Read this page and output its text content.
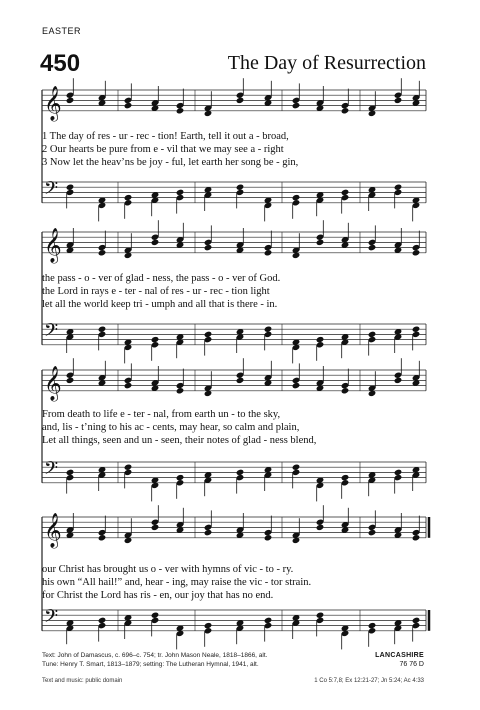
EASTER
450	The Day of Resurrection
𝄞
𝄢
𝄞
𝄢
𝄞
𝄢
𝄞
𝄢
1 The day of res - ur - rec - tion! Earth, tell it out a - broad,
2 Our hearts be pure from e - vil that we may see a - right
3 Now let the heav’ns be joy - ful, let earth her song be - gin,
the pass - o - ver of glad - ness, the pass - o - ver of God.
the Lord in rays e - ter - nal of res - ur - rec - tion light
let all the world keep tri - umph and all that is there - in.
From death to life e - ter - nal, from earth un - to the sky,
and, lis - t’ning to his ac - cents, may hear, so calm and plain,
Let all things, seen and un - seen, their notes of glad - ness blend,
our Christ has brought us o - ver with hymns of vic - to - ry.
his own “All hail!” and, hear - ing, may raise the vic - tor strain.
for Christ the Lord has ris - en, our joy that has no end.
Text: John of Damascus, c. 696–c. 754; tr. John Mason Neale, 1818–1866, alt.
Tune: Henry T. Smart, 1813–1879; setting: The Lutheran Hymnal, 1941, alt.
LANCASHIRE
76 76 D
Text and music: public domain	1 Co 5:7,8; Ex 12:21-27; Jn 5:24; Ac 4:33
